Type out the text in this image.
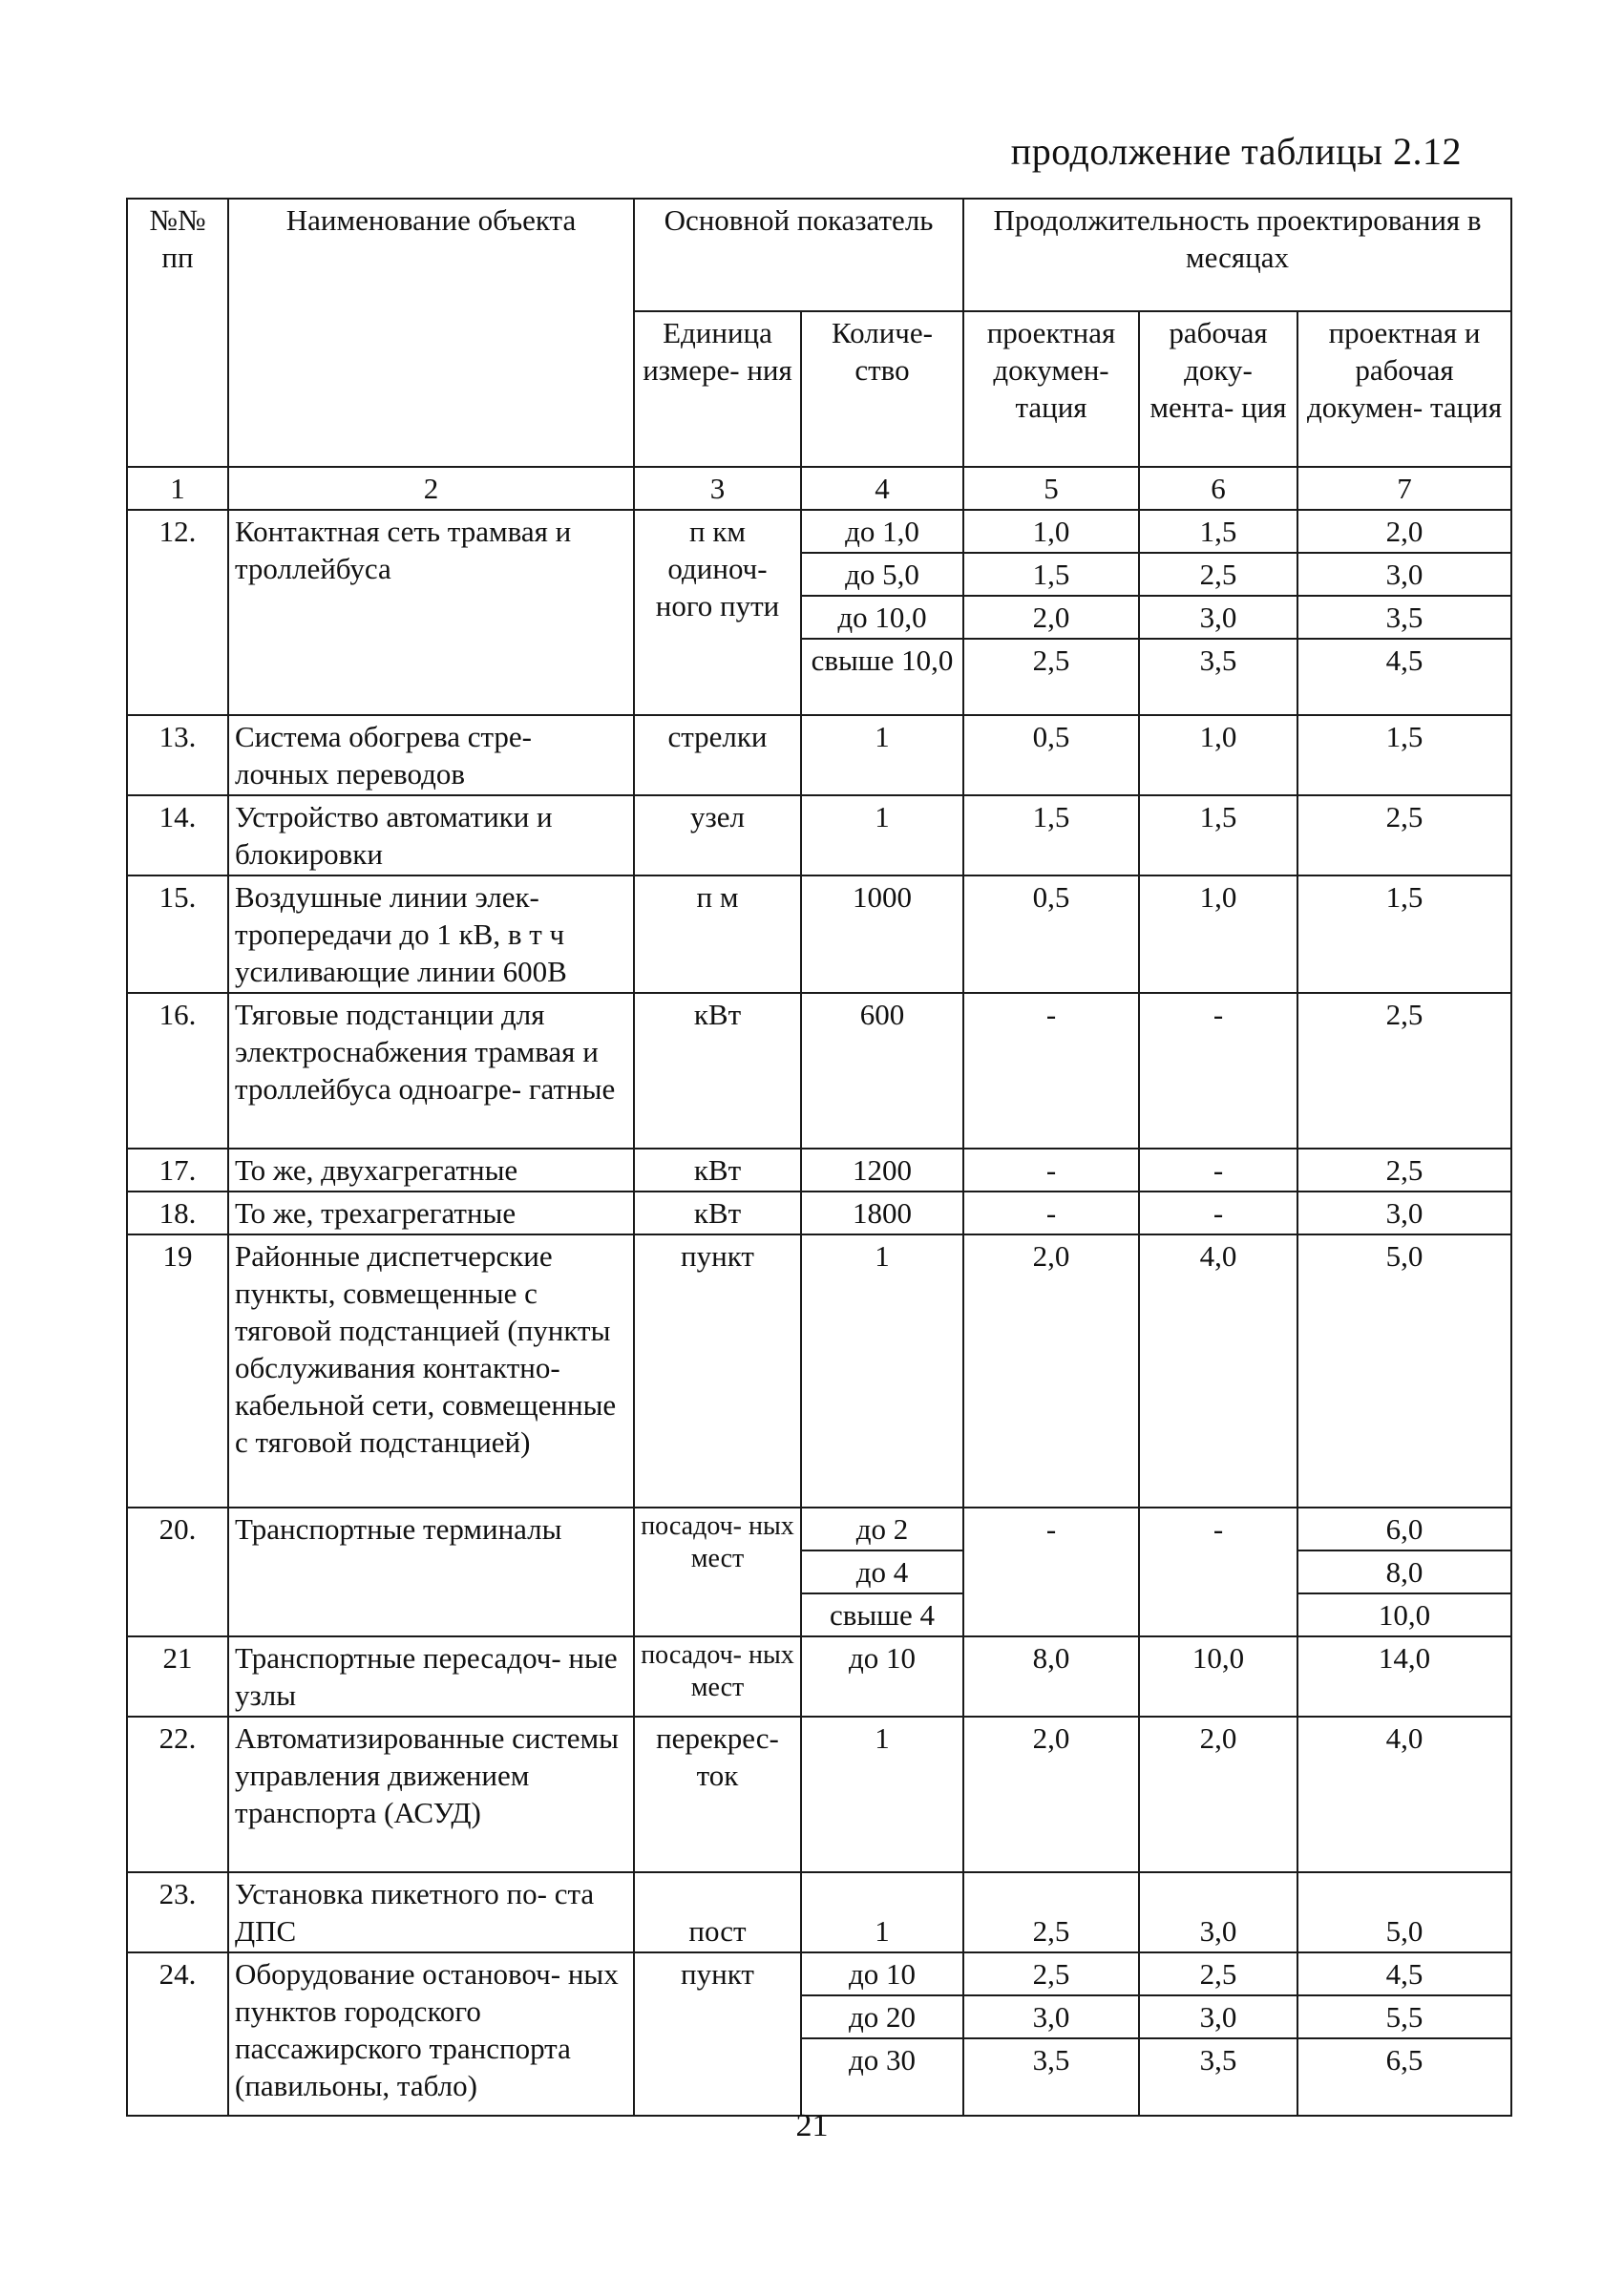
продолжение таблицы 2.12
№№ пп	Наименование объекта	Основной показатель		Продолжительность проектирования в месяцах		
		Единица измере- ния	Количе- ство	проектная докумен- тация	рабочая доку- мента- ция	проектная и рабочая докумен- тация
1	2	3	4	5	6	7
12.	Контактная сеть трамвая и троллейбуса	п км одиноч- ного пути	до 1,0	1,0	1,5	2,0
			до 5,0	1,5	2,5	3,0
			до 10,0	2,0	3,0	3,5
			свыше 10,0	2,5	3,5	4,5
13.	Система обогрева стре- лочных переводов	стрелки	1	0,5	1,0	1,5
14.	Устройство автоматики и блокировки	узел	1	1,5	1,5	2,5
15.	Воздушные линии элек- тропередачи до 1 кВ, в т ч усиливающие линии 600В	п м	1000	0,5	1,0	1,5
16.	Тяговые подстанции для электроснабжения трамвая и троллейбуса одноагре- гатные	кВт	600	-	-	2,5
17.	То же, двухагрегатные	кВт	1200	-	-	2,5
18.	То же, трехагрегатные	кВт	1800	-	-	3,0
19	Районные диспетчерские пункты, совмещенные с тяговой подстанцией (пункты обслуживания контактно-кабельной сети, совмещенные с тяговой подстанцией)	пункт	1	2,0	4,0	5,0
20.	Транспортные терминалы	посадоч- ных мест	до 2	-	-	6,0
			до 4			8,0
			свыше 4			10,0
21	Транспортные пересадоч- ные узлы	посадоч- ных мест	до 10	8,0	10,0	14,0
22.	Автоматизированные системы управления движением транспорта (АСУД)	перекрес- ток	1	2,0	2,0	4,0
23.	Установка пикетного по- ста ДПС	пост	1	2,5	3,0	5,0
24.	Оборудование остановоч- ных пунктов городского пассажирского транспорта (павильоны, табло)	пункт	до 10	2,5	2,5	4,5
			до 20	3,0	3,0	5,5
			до 30	3,5	3,5	6,5
21
